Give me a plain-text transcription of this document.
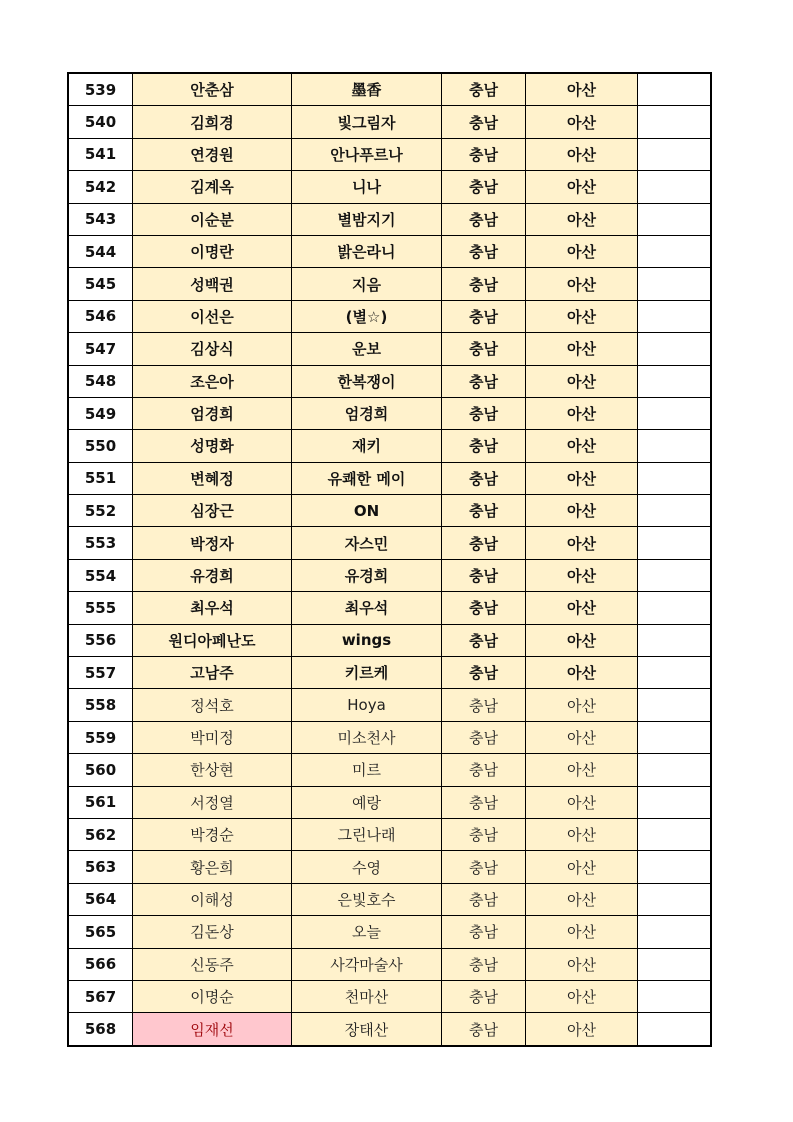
539	안춘삼	墨香	충남	아산	
540	김희경	빛그림자	충남	아산	
541	연경원	안나푸르나	충남	아산	
542	김계옥	니나	충남	아산	
543	이순분	별밤지기	충남	아산	
544	이명란	밝은라니	충남	아산	
545	성백권	지음	충남	아산	
546	이선은	(별☆)	충남	아산	
547	김상식	운보	충남	아산	
548	조은아	한복쟁이	충남	아산	
549	엄경희	엄경희	충남	아산	
550	성명화	재키	충남	아산	
551	변혜정	유쾌한 메이	충남	아산	
552	심장근	ON	충남	아산	
553	박정자	자스민	충남	아산	
554	유경희	유경희	충남	아산	
555	최우석	최우석	충남	아산	
556	원디아페난도	wings	충남	아산	
557	고남주	키르케	충남	아산	
558	정석호	Hoya	충남	아산	
559	박미정	미소천사	충남	아산	
560	한상현	미르	충남	아산	
561	서정열	예랑	충남	아산	
562	박경순	그린나래	충남	아산	
563	황은희	수영	충남	아산	
564	이해성	은빛호수	충남	아산	
565	김돈상	오늘	충남	아산	
566	신동주	사각마술사	충남	아산	
567	이명순	천마산	충남	아산	
568	임재선	장태산	충남	아산	
